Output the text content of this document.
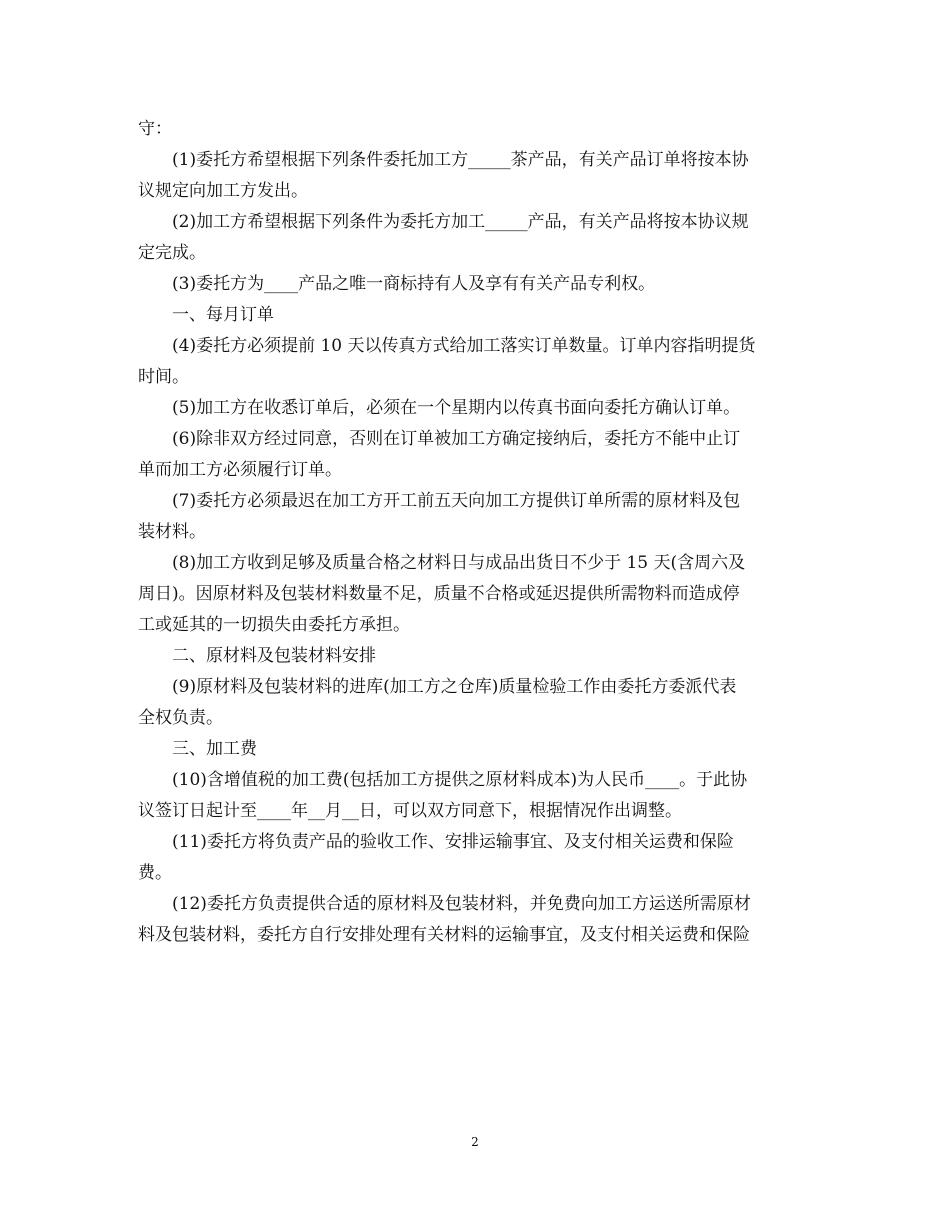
守：
(1)委托方希望根据下列条件委托加工方_____茶产品，有关产品订单将按本协
议规定向加工方发出。
(2)加工方希望根据下列条件为委托方加工_____产品，有关产品将按本协议规
定完成。
(3)委托方为____产品之唯一商标持有人及享有有关产品专利权。
一、每月订单
(4)委托方必须提前 10 天以传真方式给加工落实订单数量。订单内容指明提货
时间。
(5)加工方在收悉订单后，必须在一个星期内以传真书面向委托方确认订单。
(6)除非双方经过同意，否则在订单被加工方确定接纳后，委托方不能中止订
单而加工方必须履行订单。
(7)委托方必须最迟在加工方开工前五天向加工方提供订单所需的原材料及包
装材料。
(8)加工方收到足够及质量合格之材料日与成品出货日不少于 15 天(含周六及
周日)。因原材料及包装材料数量不足，质量不合格或延迟提供所需物料而造成停
工或延其的一切损失由委托方承担。
二、原材料及包装材料安排
(9)原材料及包装材料的进库(加工方之仓库)质量检验工作由委托方委派代表
全权负责。
三、加工费
(10)含增值税的加工费(包括加工方提供之原材料成本)为人民币____。于此协
议签订日起计至____年__月__日，可以双方同意下，根据情况作出调整。
(11)委托方将负责产品的验收工作、安排运输事宜、及支付相关运费和保险
费。
(12)委托方负责提供合适的原材料及包装材料，并免费向加工方运送所需原材
料及包装材料，委托方自行安排处理有关材料的运输事宜，及支付相关运费和保险
2
